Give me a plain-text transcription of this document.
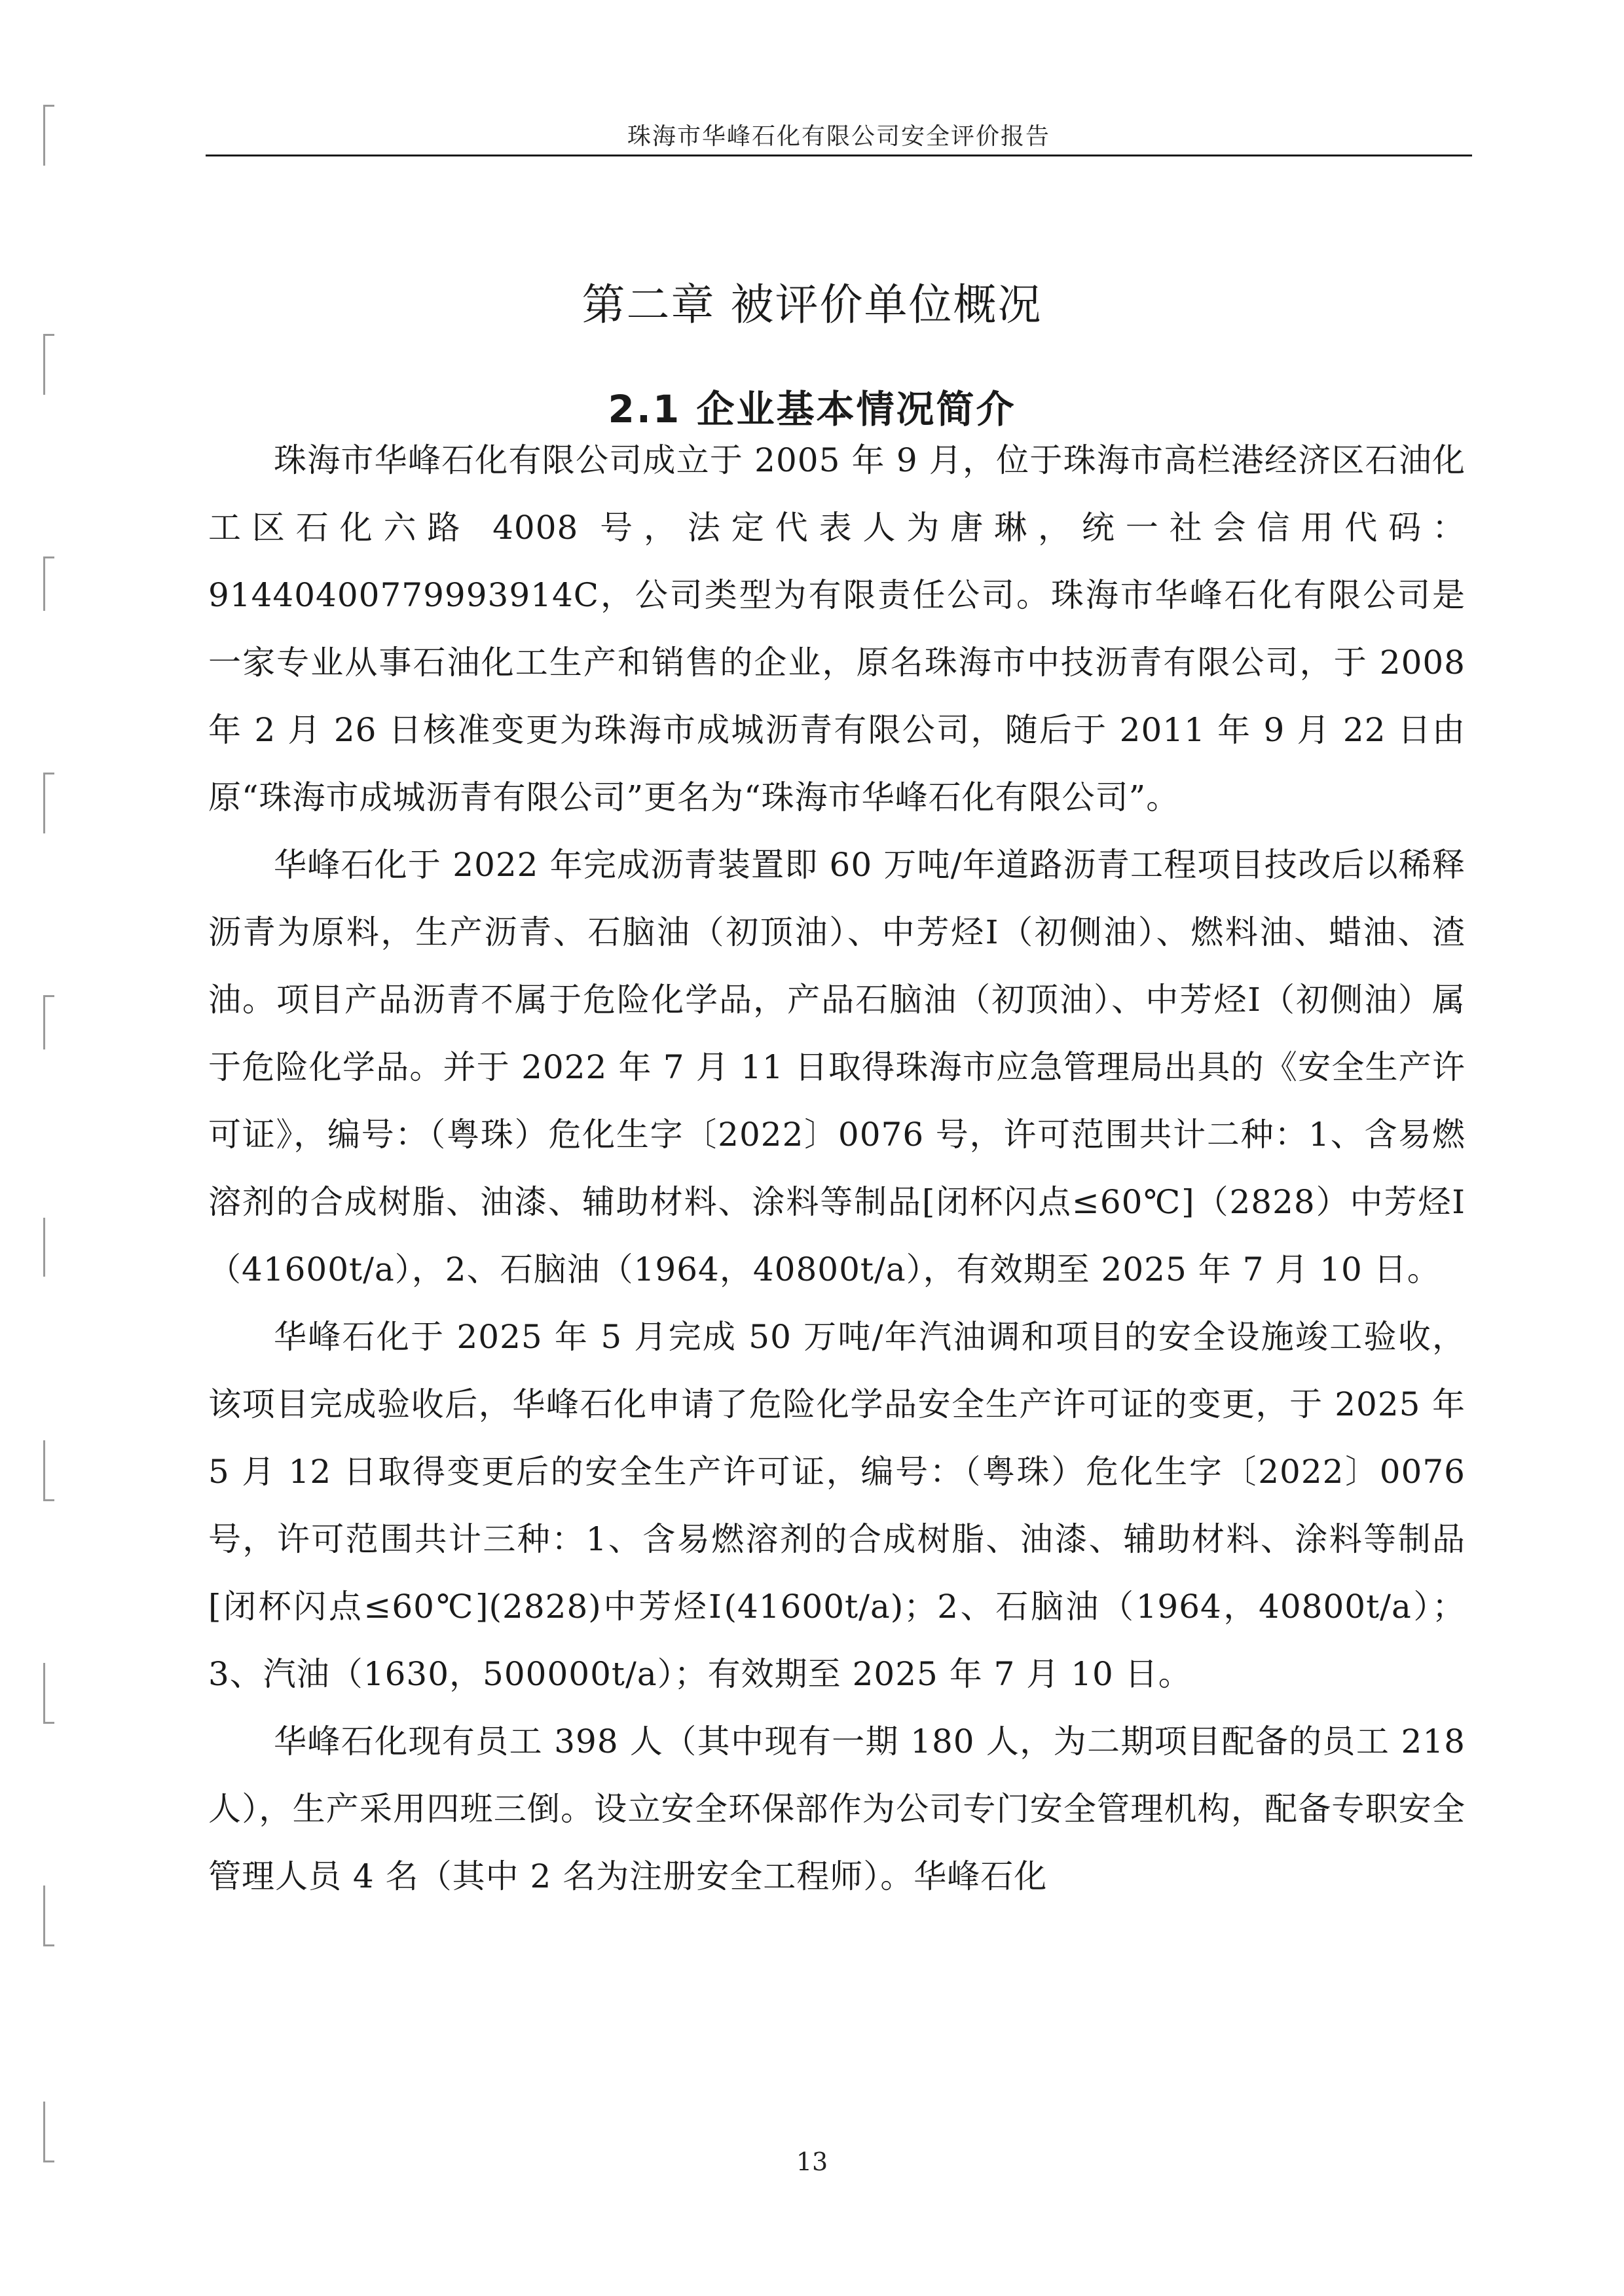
珠海市华峰石化有限公司安全评价报告
第二章 被评价单位概况
2.1 企业基本情况简介

珠海市华峰石化有限公司成立于 2005 年 9 月，位于珠海市高栏港经济区石油化工区石化六路 4008 号，法定代表人为唐琳，统一社会信用代码：91440400779993914C，公司类型为有限责任公司。珠海市华峰石化有限公司是一家专业从事石油化工生产和销售的企业，原名珠海市中技沥青有限公司，于 2008 年 2 月 26 日核准变更为珠海市成城沥青有限公司，随后于 2011 年 9 月 22 日由原“珠海市成城沥青有限公司”更名为“珠海市华峰石化有限公司”。

华峰石化于 2022 年完成沥青装置即 60 万吨/年道路沥青工程项目技改后以稀释沥青为原料，生产沥青、石脑油（初顶油）、中芳烃Ⅰ（初侧油）、燃料油、蜡油、渣油。项目产品沥青不属于危险化学品，产品石脑油（初顶油）、中芳烃Ⅰ（初侧油）属于危险化学品。并于 2022 年 7 月 11 日取得珠海市应急管理局出具的《安全生产许可证》，编号：（粤珠）危化生字〔2022〕0076 号，许可范围共计二种：1、含易燃溶剂的合成树脂、油漆、辅助材料、涂料等制品[闭杯闪点≤60℃]（2828）中芳烃Ⅰ（41600t/a），2、石脑油（1964，40800t/a），有效期至 2025 年 7 月 10 日。

华峰石化于 2025 年 5 月完成 50 万吨/年汽油调和项目的安全设施竣工验收，该项目完成验收后，华峰石化申请了危险化学品安全生产许可证的变更，于 2025 年 5 月 12 日取得变更后的安全生产许可证，编号：（粤珠）危化生字〔2022〕0076 号，许可范围共计三种：1、含易燃溶剂的合成树脂、油漆、辅助材料、涂料等制品[闭杯闪点≤60℃](2828)中芳烃Ⅰ(41600t/a)；2、石脑油（1964，40800t/a）；3、汽油（1630，500000t/a）；有效期至 2025 年 7 月 10 日。

华峰石化现有员工 398 人（其中现有一期 180 人，为二期项目配备的员工 218 人），生产采用四班三倒。设立安全环保部作为公司专门安全管理机构，配备专职安全管理人员 4 名（其中 2 名为注册安全工程师）。华峰石化

13
